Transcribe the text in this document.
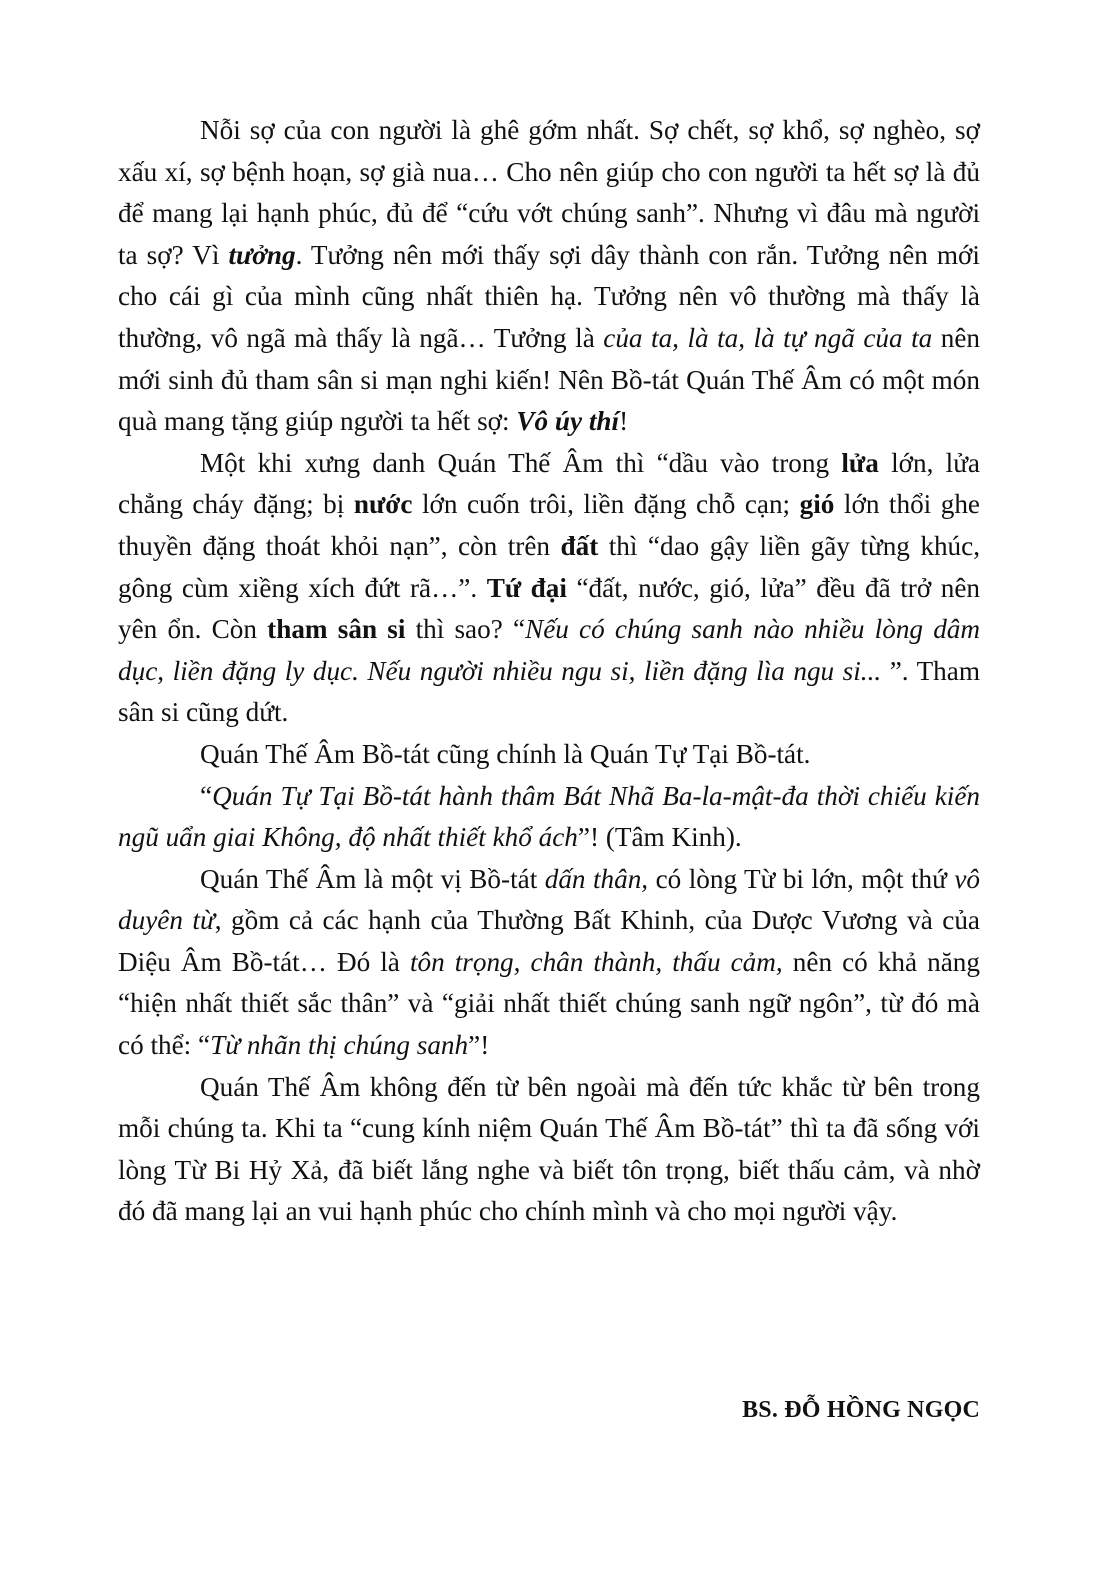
Nỗi sợ của con người là ghê gớm nhất. Sợ chết, sợ khổ, sợ nghèo, sợ xấu xí, sợ bệnh hoạn, sợ già nua… Cho nên giúp cho con người ta hết sợ là đủ để mang lại hạnh phúc, đủ để “cứu vớt chúng sanh”. Nhưng vì đâu mà người ta sợ? Vì tưởng. Tưởng nên mới thấy sợi dây thành con rắn. Tưởng nên mới cho cái gì của mình cũng nhất thiên hạ. Tưởng nên vô thường mà thấy là thường, vô ngã mà thấy là ngã… Tưởng là của ta, là ta, là tự ngã của ta nên mới sinh đủ tham sân si mạn nghi kiến! Nên Bồ-tát Quán Thế Âm có một món quà mang tặng giúp người ta hết sợ: Vô úy thí!

Một khi xưng danh Quán Thế Âm thì “dầu vào trong lửa lớn, lửa chẳng cháy đặng; bị nước lớn cuốn trôi, liền đặng chỗ cạn; gió lớn thổi ghe thuyền đặng thoát khỏi nạn”, còn trên đất thì “dao gậy liền gãy từng khúc, gông cùm xiềng xích đứt rã…”. Tứ đại “đất, nước, gió, lửa” đều đã trở nên yên ổn. Còn tham sân si thì sao? “Nếu có chúng sanh nào nhiều lòng dâm dục, liền đặng ly dục. Nếu người nhiều ngu si, liền đặng lìa ngu si... ”. Tham sân si cũng dứt.

Quán Thế Âm Bồ-tát cũng chính là Quán Tự Tại Bồ-tát.

“Quán Tự Tại Bồ-tát hành thâm Bát Nhã Ba-la-mật-đa thời chiếu kiến ngũ uẩn giai Không, độ nhất thiết khổ ách”! (Tâm Kinh).

Quán Thế Âm là một vị Bồ-tát dấn thân, có lòng Từ bi lớn, một thứ vô duyên từ, gồm cả các hạnh của Thường Bất Khinh, của Dược Vương và của Diệu Âm Bồ-tát… Đó là tôn trọng, chân thành, thấu cảm, nên có khả năng “hiện nhất thiết sắc thân” và “giải nhất thiết chúng sanh ngữ ngôn”, từ đó mà có thể: “Từ nhãn thị chúng sanh”!

Quán Thế Âm không đến từ bên ngoài mà đến tức khắc từ bên trong mỗi chúng ta. Khi ta “cung kính niệm Quán Thế Âm Bồ-tát” thì ta đã sống với lòng Từ Bi Hỷ Xả, đã biết lắng nghe và biết tôn trọng, biết thấu cảm, và nhờ đó đã mang lại an vui hạnh phúc cho chính mình và cho mọi người vậy.

BS. ĐỖ HỒNG NGỌC
